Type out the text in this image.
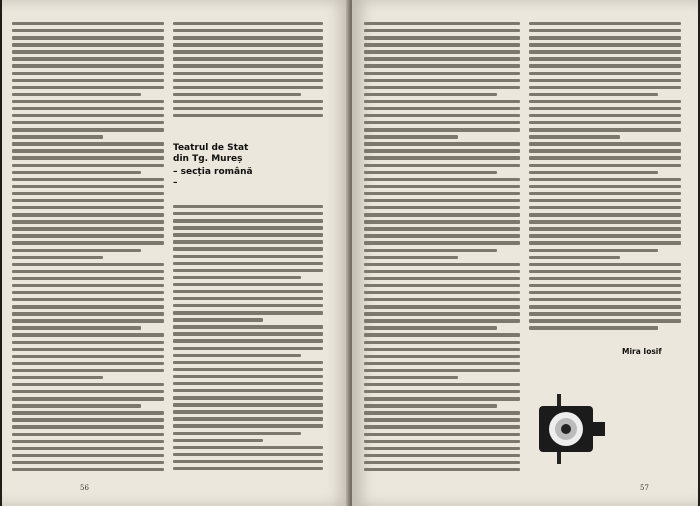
56
Teatrul de Stat
din Tg. Mureș
– secția română –
57
Mira Iosif
